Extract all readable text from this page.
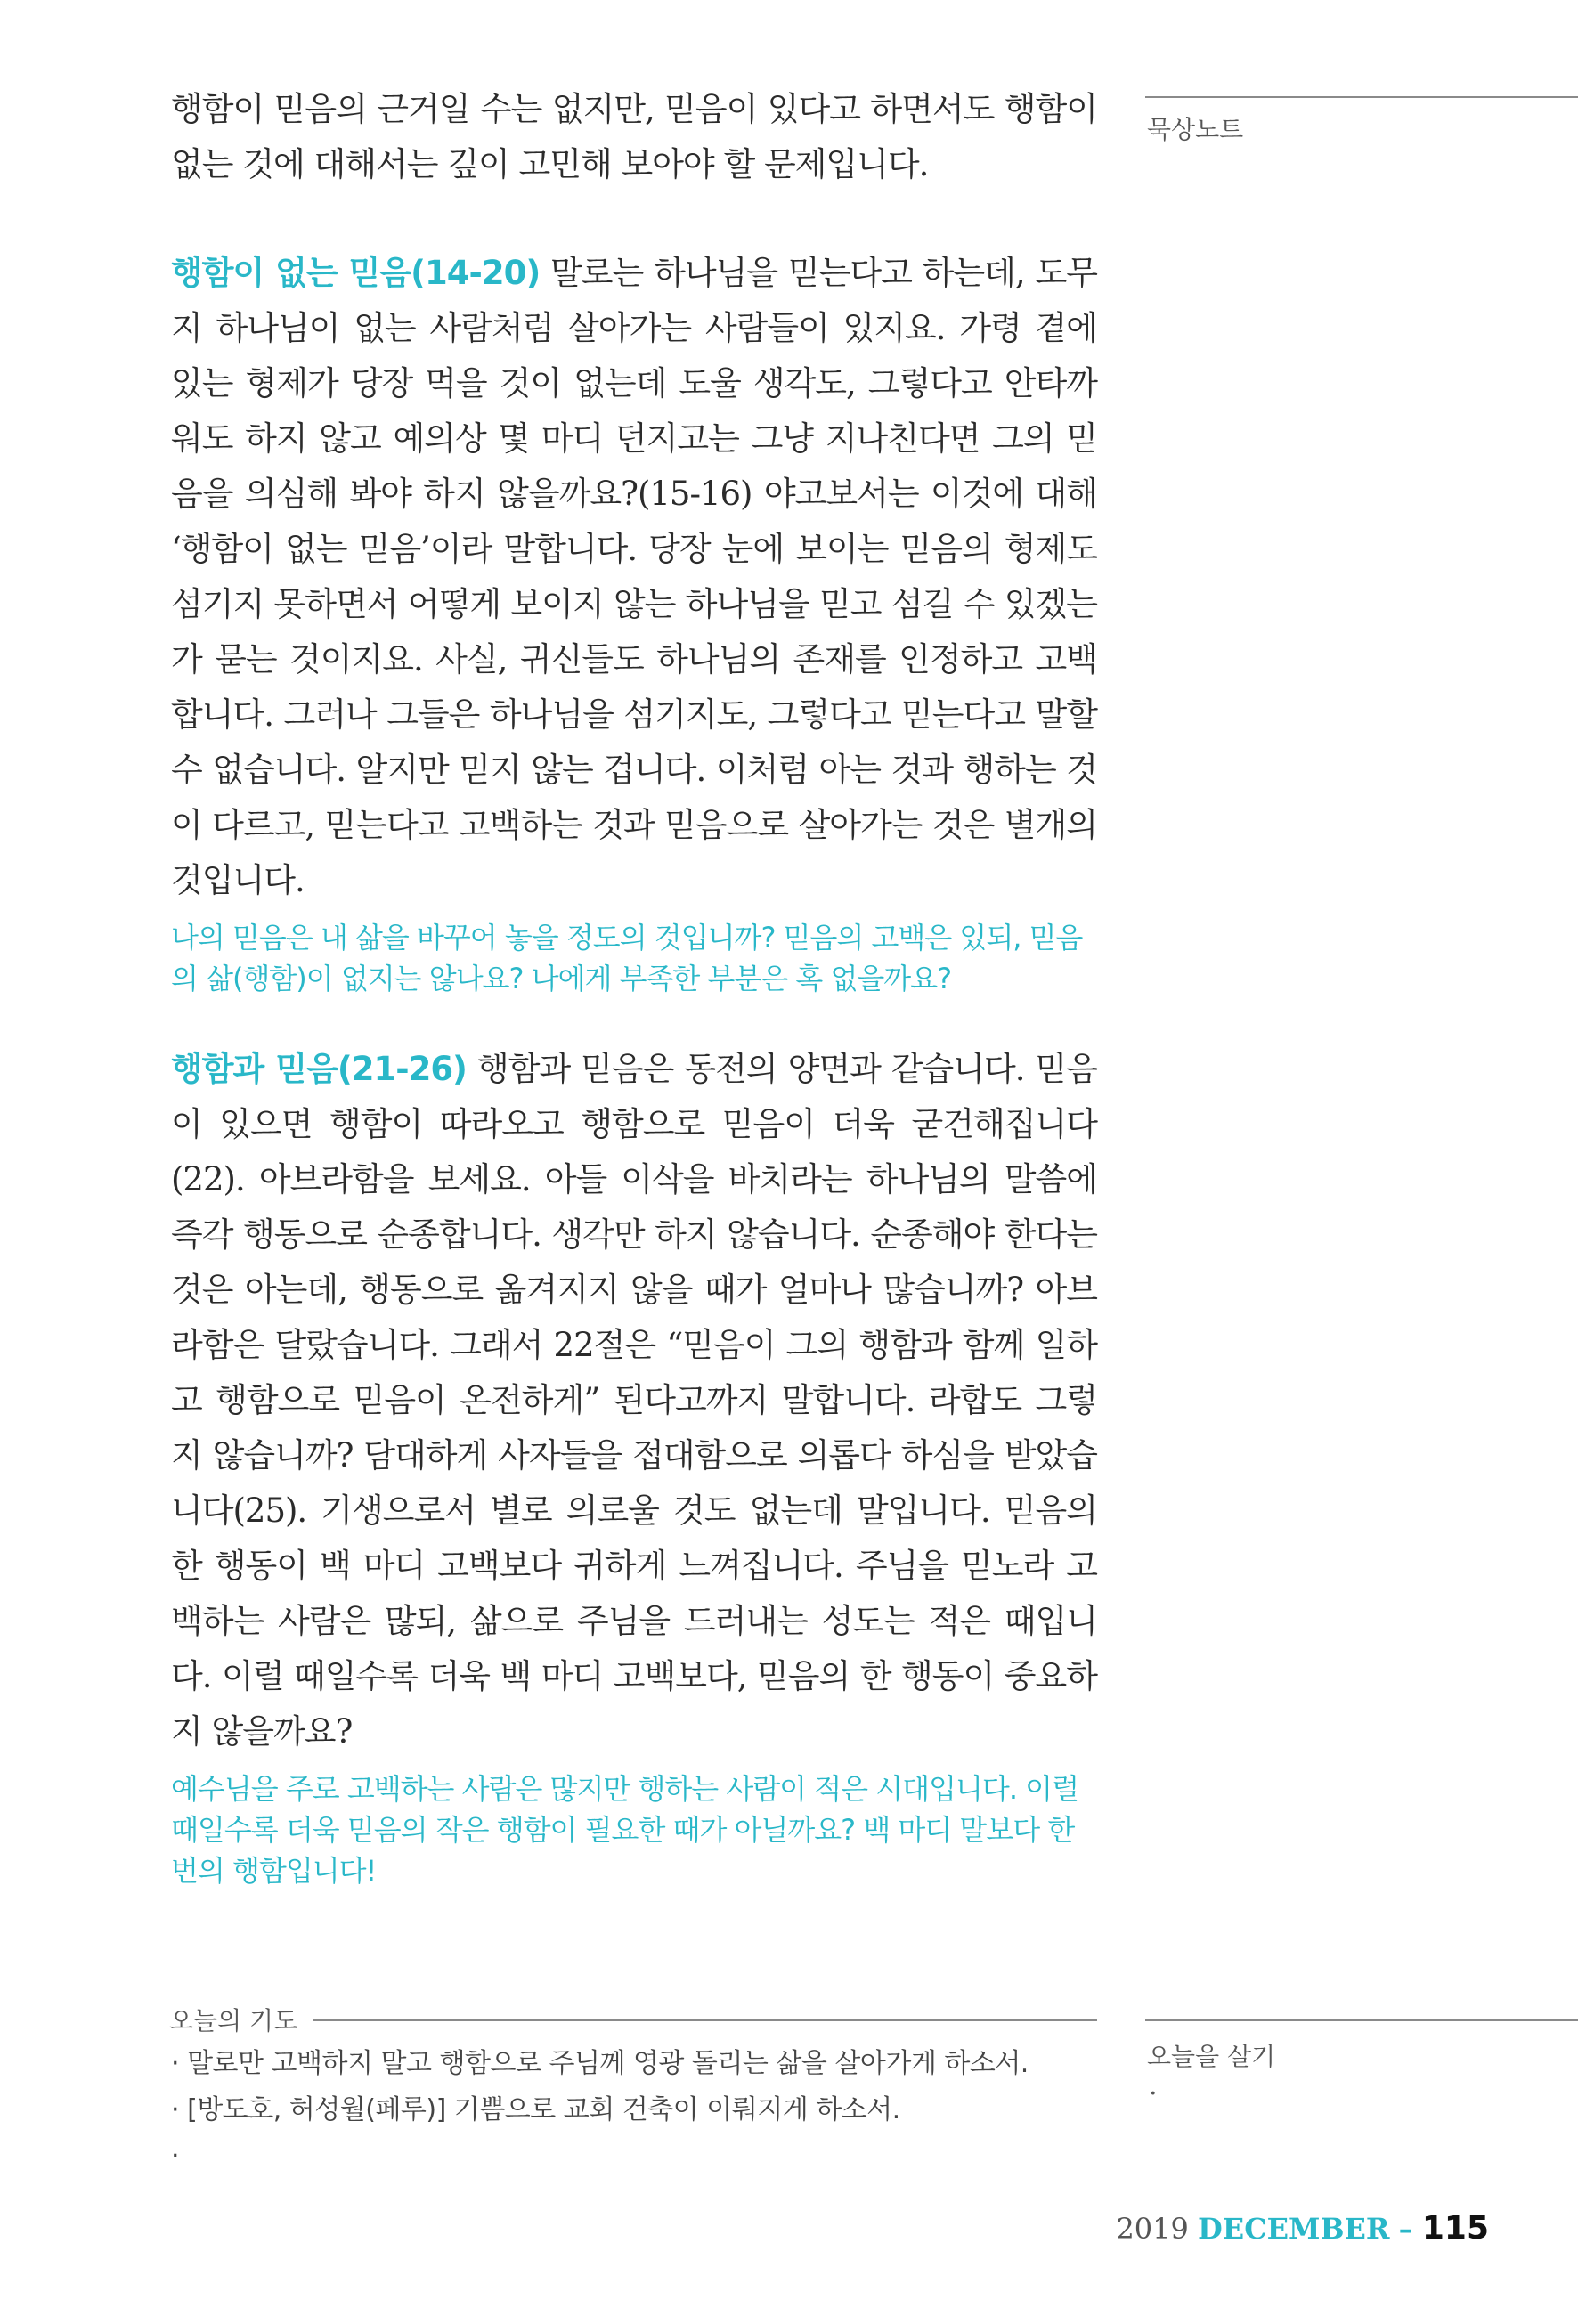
묵상노트
오늘을 살기
·

행함이 믿음의 근거일 수는 없지만, 믿음이 있다고 하면서도 행함이 없는 것에 대해서는 깊이 고민해 보아야 할 문제입니다.

행함이 없는 믿음(14-20) 말로는 하나님을 믿는다고 하는데, 도무지 하나님이 없는 사람처럼 살아가는 사람들이 있지요. 가령 곁에 있는 형제가 당장 먹을 것이 없는데 도울 생각도, 그렇다고 안타까워도 하지 않고 예의상 몇 마디 던지고는 그냥 지나친다면 그의 믿음을 의심해 봐야 하지 않을까요?(15-16) 야고보서는 이것에 대해 ‘행함이 없는 믿음’이라 말합니다. 당장 눈에 보이는 믿음의 형제도 섬기지 못하면서 어떻게 보이지 않는 하나님을 믿고 섬길 수 있겠는가 묻는 것이지요. 사실, 귀신들도 하나님의 존재를 인정하고 고백합니다. 그러나 그들은 하나님을 섬기지도, 그렇다고 믿는다고 말할 수 없습니다. 알지만 믿지 않는 겁니다. 이처럼 아는 것과 행하는 것이 다르고, 믿는다고 고백하는 것과 믿음으로 살아가는 것은 별개의 것입니다.

나의 믿음은 내 삶을 바꾸어 놓을 정도의 것입니까? 믿음의 고백은 있되, 믿음의 삶(행함)이 없지는 않나요? 나에게 부족한 부분은 혹 없을까요?

행함과 믿음(21-26) 행함과 믿음은 동전의 양면과 같습니다. 믿음이 있으면 행함이 따라오고 행함으로 믿음이 더욱 굳건해집니다(22). 아브라함을 보세요. 아들 이삭을 바치라는 하나님의 말씀에 즉각 행동으로 순종합니다. 생각만 하지 않습니다. 순종해야 한다는 것은 아는데, 행동으로 옮겨지지 않을 때가 얼마나 많습니까? 아브라함은 달랐습니다. 그래서 22절은 “믿음이 그의 행함과 함께 일하고 행함으로 믿음이 온전하게” 된다고까지 말합니다. 라합도 그렇지 않습니까? 담대하게 사자들을 접대함으로 의롭다 하심을 받았습니다(25). 기생으로서 별로 의로울 것도 없는데 말입니다. 믿음의 한 행동이 백 마디 고백보다 귀하게 느껴집니다. 주님을 믿노라 고백하는 사람은 많되, 삶으로 주님을 드러내는 성도는 적은 때입니다. 이럴 때일수록 더욱 백 마디 고백보다, 믿음의 한 행동이 중요하지 않을까요?

예수님을 주로 고백하는 사람은 많지만 행하는 사람이 적은 시대입니다. 이럴 때일수록 더욱 믿음의 작은 행함이 필요한 때가 아닐까요? 백 마디 말보다 한 번의 행함입니다!

오늘의 기도
· 말로만 고백하지 말고 행함으로 주님께 영광 돌리는 삶을 살아가게 하소서.
· [방도호, 허성월(페루)] 기쁨으로 교회 건축이 이뤄지게 하소서.
·
2019 DECEMBER – 115
